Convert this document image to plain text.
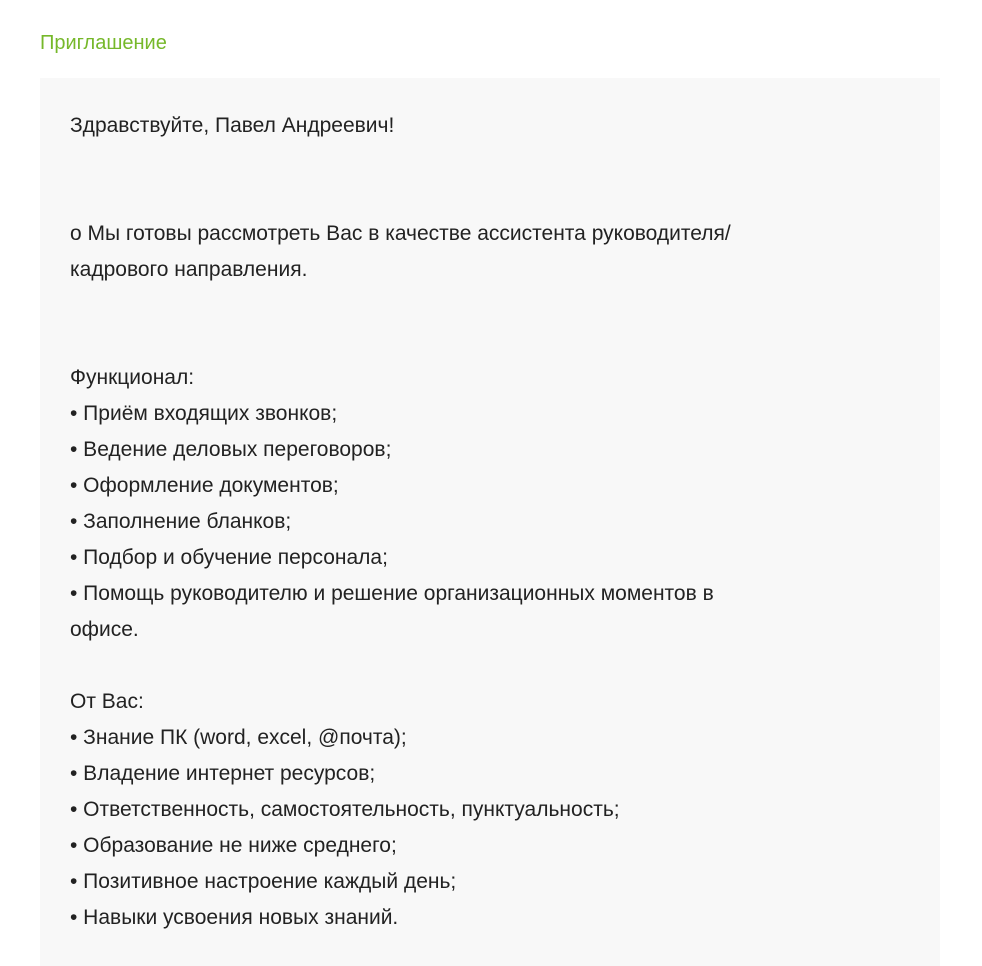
Приглашение
Здравствуйте, Павел Андреевич!
о Мы готовы рассмотреть Вас в качестве ассистента руководителя/
кадрового направления.
Функционал:
• Приём входящих звонков;
• Ведение деловых переговоров;
• Оформление документов;
• Заполнение бланков;
• Подбор и обучение персонала;
• Помощь руководителю и решение организационных моментов в
офисе.
От Вас:
• Знание ПК (word, excel, @почта);
• Владение интернет ресурсов;
• Ответственность, самостоятельность, пунктуальность;
• Образование не ниже среднего;
• Позитивное настроение каждый день;
• Навыки усвоения новых знаний.
